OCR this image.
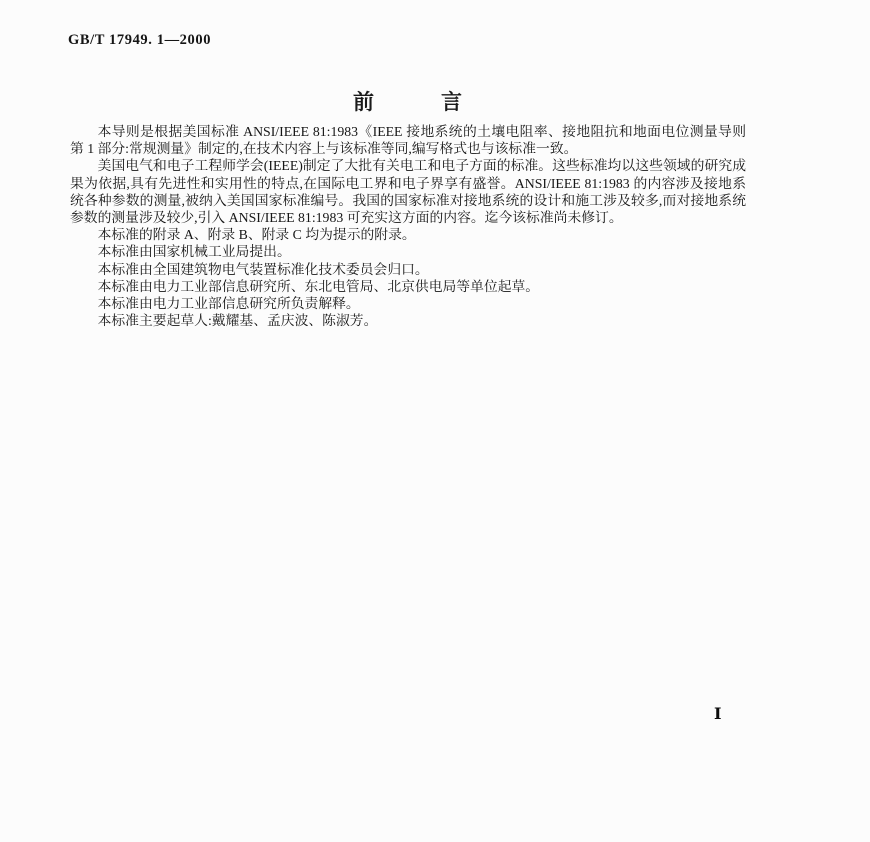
GB/T 17949. 1—2000
前　　　言

本导则是根据美国标准 ANSI/IEEE 81:1983《IEEE 接地系统的土壤电阻率、接地阻抗和地面电位测量导则　第 1 部分:常规测量》制定的,在技术内容上与该标准等同,编写格式也与该标准一致。

美国电气和电子工程师学会(IEEE)制定了大批有关电工和电子方面的标准。这些标准均以这些领域的研究成果为依据,具有先进性和实用性的特点,在国际电工界和电子界享有盛誉。ANSI/IEEE 81:1983 的内容涉及接地系统各种参数的测量,被纳入美国国家标准编号。我国的国家标准对接地系统的设计和施工涉及较多,而对接地系统参数的测量涉及较少,引入 ANSI/IEEE 81:1983 可充实这方面的内容。迄今该标准尚未修订。

本标准的附录 A、附录 B、附录 C 均为提示的附录。

本标准由国家机械工业局提出。

本标准由全国建筑物电气装置标准化技术委员会归口。

本标准由电力工业部信息研究所、东北电管局、北京供电局等单位起草。

本标准由电力工业部信息研究所负责解释。

本标准主要起草人:戴耀基、孟庆波、陈淑芳。

Ⅰ
